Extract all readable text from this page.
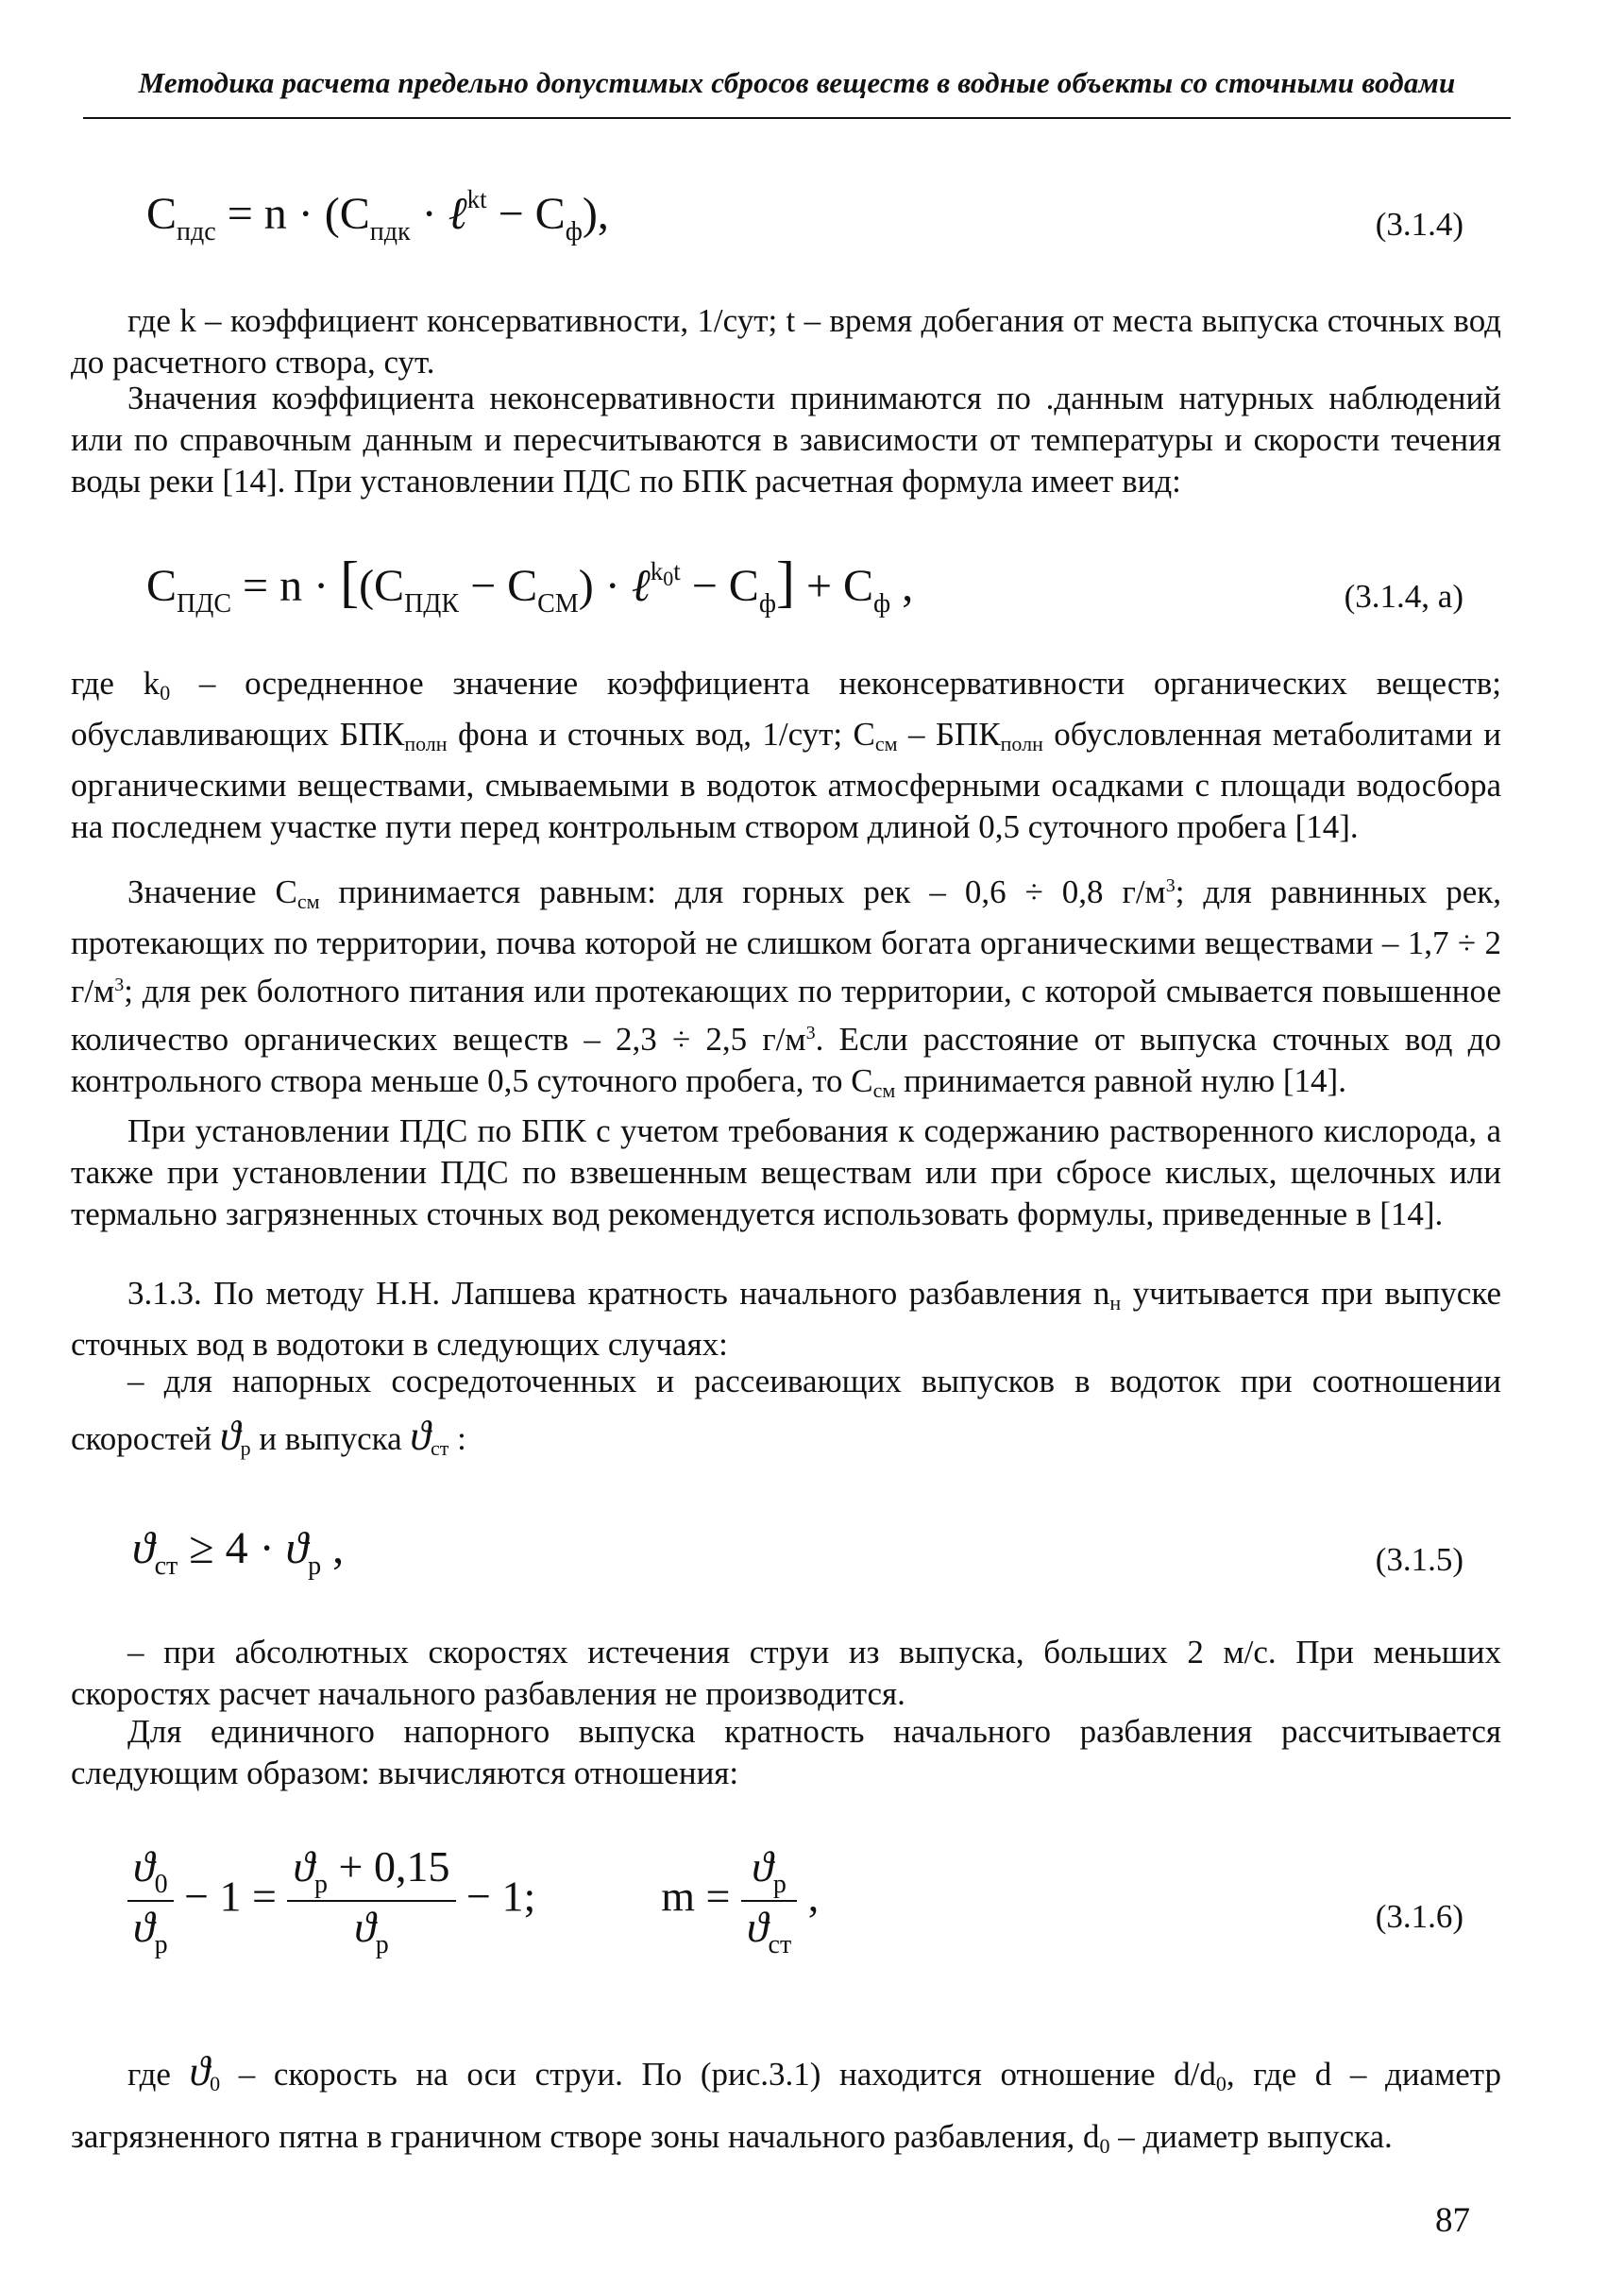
Методика расчета предельно допустимых сбросов веществ в водные объекты со сточными водами
$C_{пдс} = n \cdot (C_{пдк}$ · ℓ$^{kt}$ − $C_ф$),	(3.1.4)
где k – коэффициент консервативности, 1/сут; t – время добегания от места выпуска сточных вод до расчетного створа, сут.
Значения коэффициента неконсервативности принимаются по .данным натурных наблюдений или по справочным данным и пересчитываются в зависимости от температуры и скорости течения воды реки [14]. При установлении ПДС по БПК расчетная формула имеет вид:
$C_{ПДС} = n \cdot [(C_{ПДК} - C_{СМ})$ · ℓ$^{k_0t}$ − $C_ф] + C_ф$ ,	(3.1.4, a)
где k0 – осредненное значение коэффициента неконсервативности органических веществ; обуславливающих БПКполн фона и сточных вод, 1/сут; Ссм – БПКполн обусловленная метаболитами и органическими веществами, смываемыми в водоток атмосферными осадками с площади водосбора на последнем участке пути перед контрольным створом длиной 0,5 суточного пробега [14].
Значение Ссм принимается равным: для горных рек – 0,6 ÷ 0,8 $г/м^3$; для равнинных рек, протекающих по территории, почва которой не слишком богата органическими веществами – 1,7 ÷ 2 $г/м^3$; для рек болотного питания или протекающих по территории, с которой смывается повышенное количество органических веществ – 2,3 ÷ 2,5 $г/м^3$. Если расстояние от выпуска сточных вод до контрольного створа меньше 0,5 суточного пробега, то Ссм принимается равной нулю [14].
При установлении ПДС по БПК с учетом требования к содержанию растворенного кислорода, а также при установлении ПДС по взвешенным веществам или при сбросе кислых, щелочных или термально загрязненных сточных вод рекомендуется использовать формулы, приведенные в [14].
3.1.3. По методу Н.Н. Лапшева кратность начального разбавления nн учитывается при выпуске сточных вод в водотоки в следующих случаях:
– для напорных сосредоточенных и рассеивающих выпусков в водоток при соотношении скоростей ϑр и выпуска ϑст :
$ϑ_{ст} \ge 4 \cdot ϑ_р$ ,	(3.1.5)
– при абсолютных скоростях истечения струи из выпуска, больших 2 м/с. При меньших скоростях расчет начального разбавления не производится.
Для единичного напорного выпуска кратность начального разбавления рассчитывается следующим образом: вычисляются отношения:
$\frac{ϑ_0}{ϑ_р} - 1 = \frac{ϑ_р + 0,15}{ϑ_р} - 1$;  $m = \frac{ϑ_р}{ϑ_{ст}}$ ,	(3.1.6)
где ϑ0 – скорость на оси струи. По (рис.3.1) находится отношение d/d0, где d – диаметр загрязненного пятна в граничном створе зоны начального разбавления, d0 – диаметр выпуска.
87
